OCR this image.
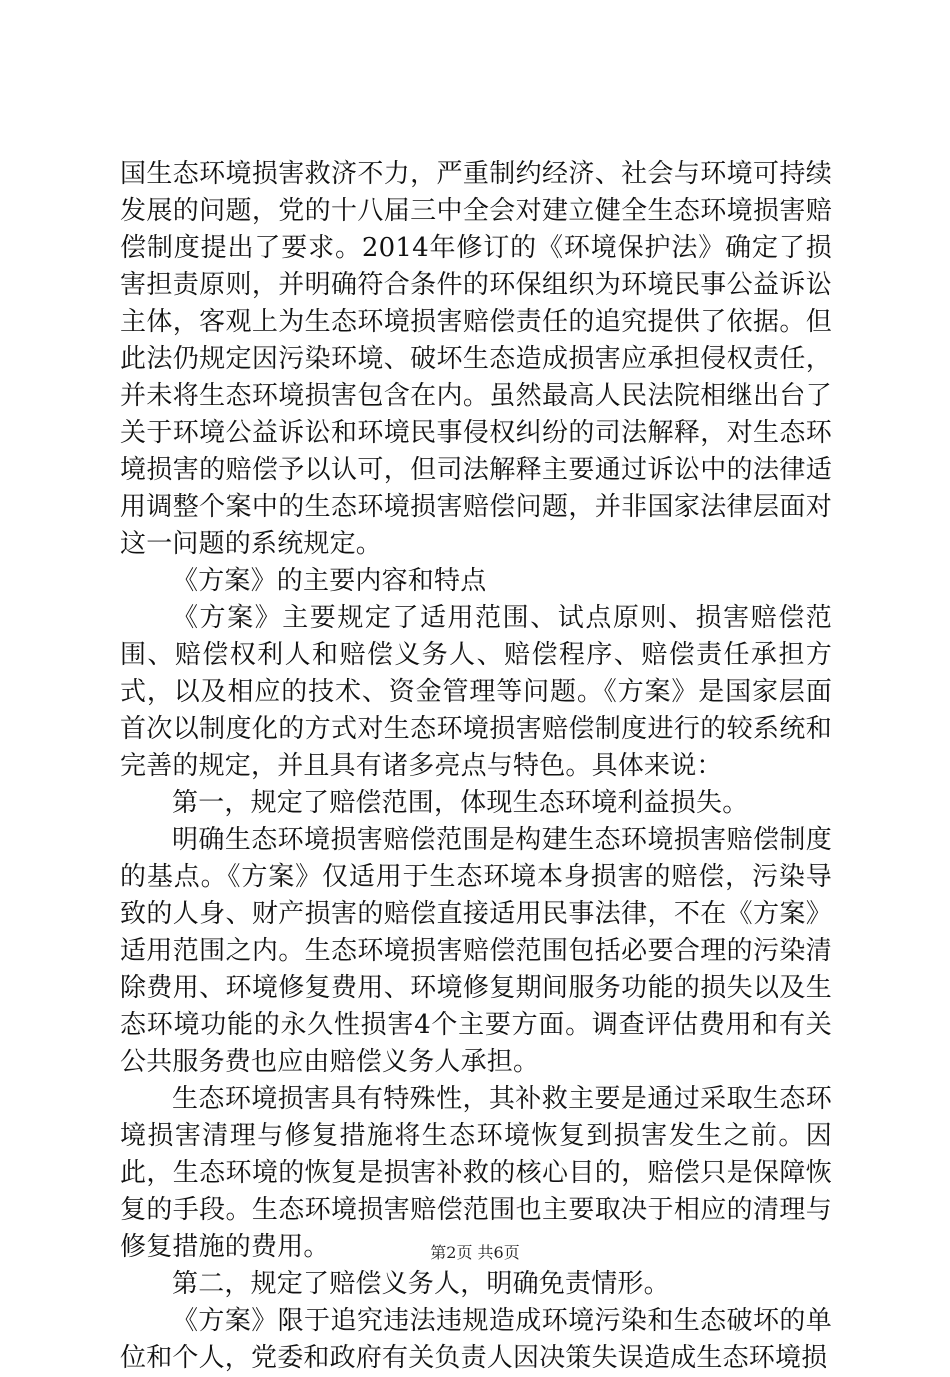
国生态环境损害救济不力，严重制约经济、社会与环境可持续发展的问题，党的十八届三中全会对建立健全生态环境损害赔偿制度提出了要求。2014年修订的《环境保护法》确定了损害担责原则，并明确符合条件的环保组织为环境民事公益诉讼主体，客观上为生态环境损害赔偿责任的追究提供了依据。但此法仍规定因污染环境、破坏生态造成损害应承担侵权责任，并未将生态环境损害包含在内。虽然最高人民法院相继出台了关于环境公益诉讼和环境民事侵权纠纷的司法解释，对生态环境损害的赔偿予以认可，但司法解释主要通过诉讼中的法律适用调整个案中的生态环境损害赔偿问题，并非国家法律层面对这一问题的系统规定。

《方案》的主要内容和特点

《方案》主要规定了适用范围、试点原则、损害赔偿范围、赔偿权利人和赔偿义务人、赔偿程序、赔偿责任承担方式，以及相应的技术、资金管理等问题。《方案》是国家层面首次以制度化的方式对生态环境损害赔偿制度进行的较系统和完善的规定，并且具有诸多亮点与特色。具体来说：

第一，规定了赔偿范围，体现生态环境利益损失。

明确生态环境损害赔偿范围是构建生态环境损害赔偿制度的基点。《方案》仅适用于生态环境本身损害的赔偿，污染导致的人身、财产损害的赔偿直接适用民事法律，不在《方案》适用范围之内。生态环境损害赔偿范围包括必要合理的污染清除费用、环境修复费用、环境修复期间服务功能的损失以及生态环境功能的永久性损害4个主要方面。调查评估费用和有关公共服务费也应由赔偿义务人承担。

生态环境损害具有特殊性，其补救主要是通过采取生态环境损害清理与修复措施将生态环境恢复到损害发生之前。因此，生态环境的恢复是损害补救的核心目的，赔偿只是保障恢复的手段。生态环境损害赔偿范围也主要取决于相应的清理与修复措施的费用。

第二，规定了赔偿义务人，明确免责情形。

《方案》限于追究违法违规造成环境污染和生态破坏的单位和个人，党委和政府有关负责人因决策失误造成生态环境损

第2页 共6页
